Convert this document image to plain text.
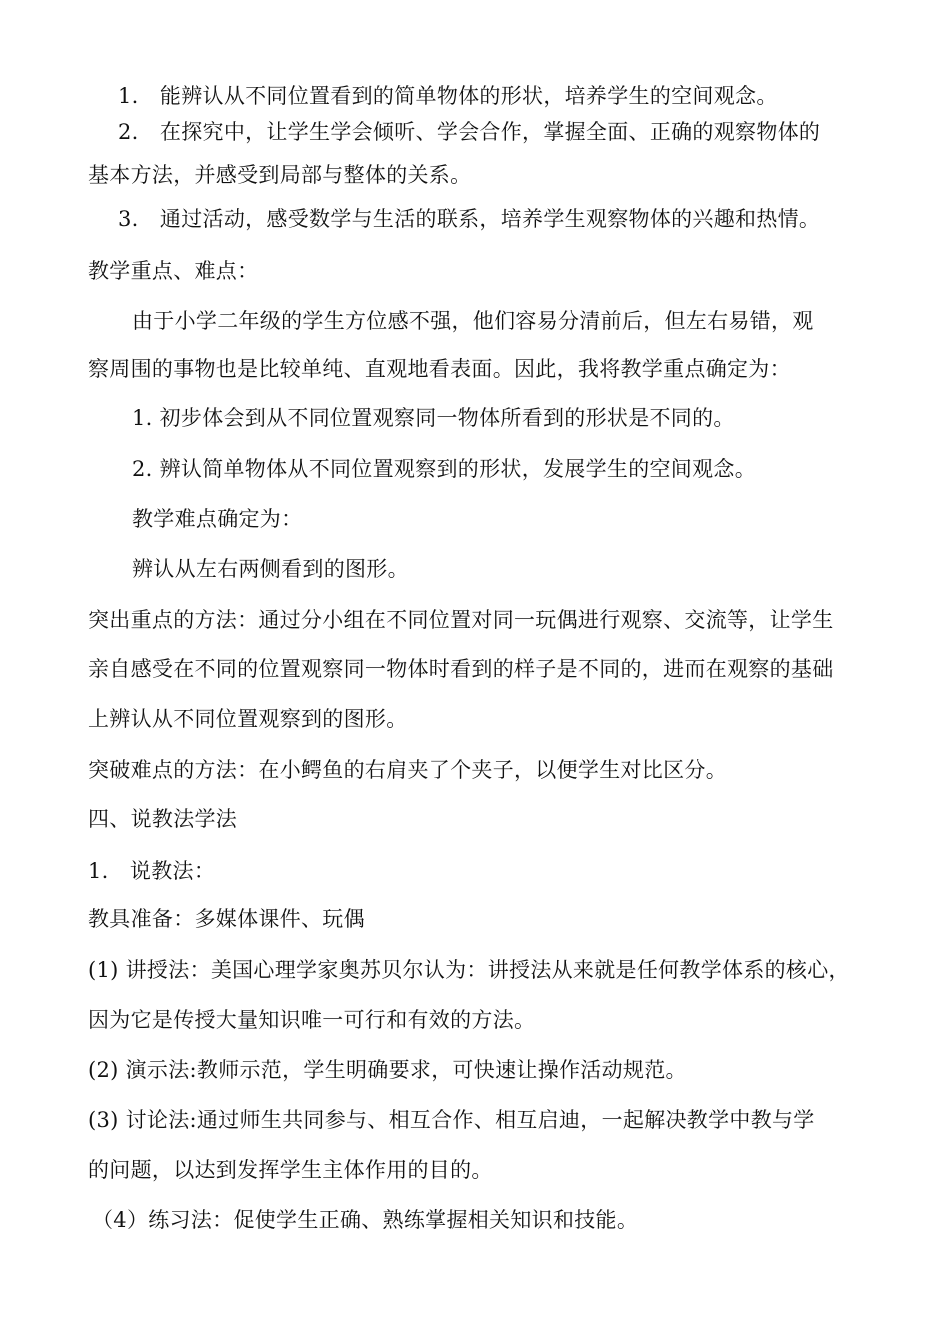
1.　能辨认从不同位置看到的简单物体的形状，培养学生的空间观念。
2.　在探究中，让学生学会倾听、学会合作，掌握全面、正确的观察物体的
基本方法，并感受到局部与整体的关系。
3.　通过活动，感受数学与生活的联系，培养学生观察物体的兴趣和热情。
教学重点、难点：
由于小学二年级的学生方位感不强，他们容易分清前后，但左右易错，观
察周围的事物也是比较单纯、直观地看表面。因此，我将教学重点确定为：
1. 初步体会到从不同位置观察同一物体所看到的形状是不同的。
2. 辨认简单物体从不同位置观察到的形状，发展学生的空间观念。
教学难点确定为：
辨认从左右两侧看到的图形。
突出重点的方法：通过分小组在不同位置对同一玩偶进行观察、交流等，让学生
亲自感受在不同的位置观察同一物体时看到的样子是不同的，进而在观察的基础
上辨认从不同位置观察到的图形。
突破难点的方法：在小鳄鱼的右肩夹了个夹子，以便学生对比区分。
四、说教法学法
1.　说教法：
教具准备：多媒体课件、玩偶
(1) 讲授法：美国心理学家奥苏贝尔认为：讲授法从来就是任何教学体系的核心，
因为它是传授大量知识唯一可行和有效的方法。
(2) 演示法:教师示范，学生明确要求，可快速让操作活动规范。
(3) 讨论法:通过师生共同参与、相互合作、相互启迪，一起解决教学中教与学
的问题，以达到发挥学生主体作用的目的。
（4）练习法：促使学生正确、熟练掌握相关知识和技能。
